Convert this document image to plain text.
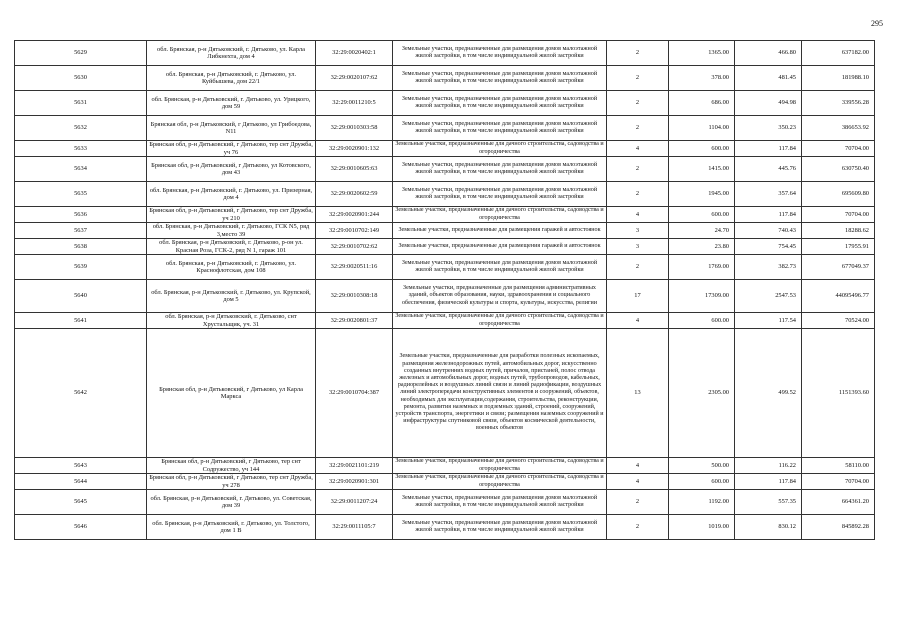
295
5629	обл. Брянская, р-н Дятьковский, г. Дятьково, ул. Карла Либкнехта, дом 4	32:29:0020402:1	Земельные участки, предназначенные для размещения домов малоэтажной жилой застройки, в том числе индивидуальной жилой застройки	2	1365.00	466.80	637182.00
5630	обл. Брянская, р-н Дятьковский, г. Дятьково, ул. Куйбышева, дом 22/1	32:29:0020107:62	Земельные участки, предназначенные для размещения домов малоэтажной жилой застройки, в том числе индивидуальной жилой застройки	2	378.00	481.45	181988.10
5631	обл. Брянская, р-н Дятьковский, г. Дятьково, ул. Урицкого, дом 59	32:29:0011210:5	Земельные участки, предназначенные для размещения домов малоэтажной жилой застройки, в том числе индивидуальной жилой застройки	2	686.00	494.98	339556.28
5632	Брянская обл, р-н Дятьковский, г Дятьково, ул Грибоедова, N11	32:29:0010303:58	Земельные участки, предназначенные для размещения домов малоэтажной жилой застройки, в том числе индивидуальной жилой застройки	2	1104.00	350.23	386653.92
5633	Брянская обл, р-н Дятьковский, г Дятьково, тер снт Дружба, уч 76	32:29:0020901:132	Земельные участки, предназначенные для дачного строительства, садоводства и огородничества	4	600.00	117.84	70704.00
5634	Брянская обл, р-н Дятьковский, г Дятьково, ул Котовского, дом 43	32:29:0010605:63	Земельные участки, предназначенные для размещения домов малоэтажной жилой застройки, в том числе индивидуальной жилой застройки	2	1415.00	445.76	630750.40
5635	обл. Брянская, р-н Дятьковский, г. Дятьково, ул. Призерная, дом 4	32:29:0020602:59	Земельные участки, предназначенные для размещения домов малоэтажной жилой застройки, в том числе индивидуальной жилой застройки	2	1945.00	357.64	695609.80
5636	Брянская обл, р-н Дятьковский, г Дятьково, тер снт Дружба, уч 210	32:29:0020901:244	Земельные участки, предназначенные для дачного строительства, садоводства и огородничества	4	600.00	117.84	70704.00
5637	обл. Брянская, р-н Дятьковский, г. Дятьково, ГСК N5, ряд 3,место 39	32:29:0010702:149	Земельные участки, предназначенные для размещения гаражей и автостоянок	3	24.70	740.43	18288.62
5638	обл. Брянская, р-н Дятьковский, г. Дятьково, р-он ул. Красная Роза, ГСК-2, ряд N 1, гараж 101	32:29:0010702:62	Земельные участки, предназначенные для размещения гаражей и автостоянок	3	23.80	754.45	17955.91
5639	обл. Брянская, р-н Дятьковский, г. Дятьково, ул. Краснофлотская, дом 108	32:29:0020511:16	Земельные участки, предназначенные для размещения домов малоэтажной жилой застройки, в том числе индивидуальной жилой застройки	2	1769.00	382.73	677049.37
5640	обл. Брянская, р-н Дятьковский, г. Дятьково, ул. Крупской, дом 5	32:29:0010308:18	Земельные участки, предназначенные для размещения административных зданий, объектов образования, науки, здравоохранения и социального обеспечения, физической культуры и спорта, культуры, искусства, религии	17	17309.00	2547.53	44095496.77
5641	обл. Брянская, р-н Дятьковский, г. Дятьково, снт Хрустальщик, уч. 31	32:29:0020801:37	Земельные участки, предназначенные для дачного строительства, садоводства и огородничества	4	600.00	117.54	70524.00
5642	Брянская обл, р-н Дятьковский, г Дятьково, ул Карла Маркса	32:29:0010704:387	Земельные участки, предназначенные для разработки полезных ископаемых, размещения железнодорожных путей, автомобильных дорог, искусственно созданных внутренних водных путей, причалов, пристаней, полос отвода железных и автомобильных дорог, водных путей, трубопроводов, кабельных, радиорелейных и воздушных линий связи и линий радиофикации, воздушных линий электропередачи конструктивных элементов и сооружений, объектов, необходимых для эксплуатации,содержания, строительства, реконструкции, ремонта, развития наземных и подземных зданий, строений, сооружений, устройств транспорта, энергетики и связи; размещения наземных сооружений и инфраструктуры спутниковой связи, объектов космической деятельности, военных объектов	13	2305.00	499.52	1151393.60
5643	Брянская обл, р-н Дятьковский, г Дятьково, тер снт Содружество, уч 144	32:29:0021101:219	Земельные участки, предназначенные для дачного строительства, садоводства и огородничества	4	500.00	116.22	58110.00
5644	Брянская обл, р-н Дятьковский, г Дятьково, тер снт Дружба, уч 278	32:29:0020901:301	Земельные участки, предназначенные для дачного строительства, садоводства и огородничества	4	600.00	117.84	70704.00
5645	обл. Брянская, р-н Дятьковский, г. Дятьково, ул. Советская, дом 39	32:29:0011207:24	Земельные участки, предназначенные для размещения домов малоэтажной жилой застройки, в том числе индивидуальной жилой застройки	2	1192.00	557.35	664361.20
5646	обл. Брянская, р-н Дятьковский, г. Дятьково, ул. Толстого, дом 1 В	32:29:0011105:7	Земельные участки, предназначенные для размещения домов малоэтажной жилой застройки, в том числе индивидуальной жилой застройки	2	1019.00	830.12	845892.28
